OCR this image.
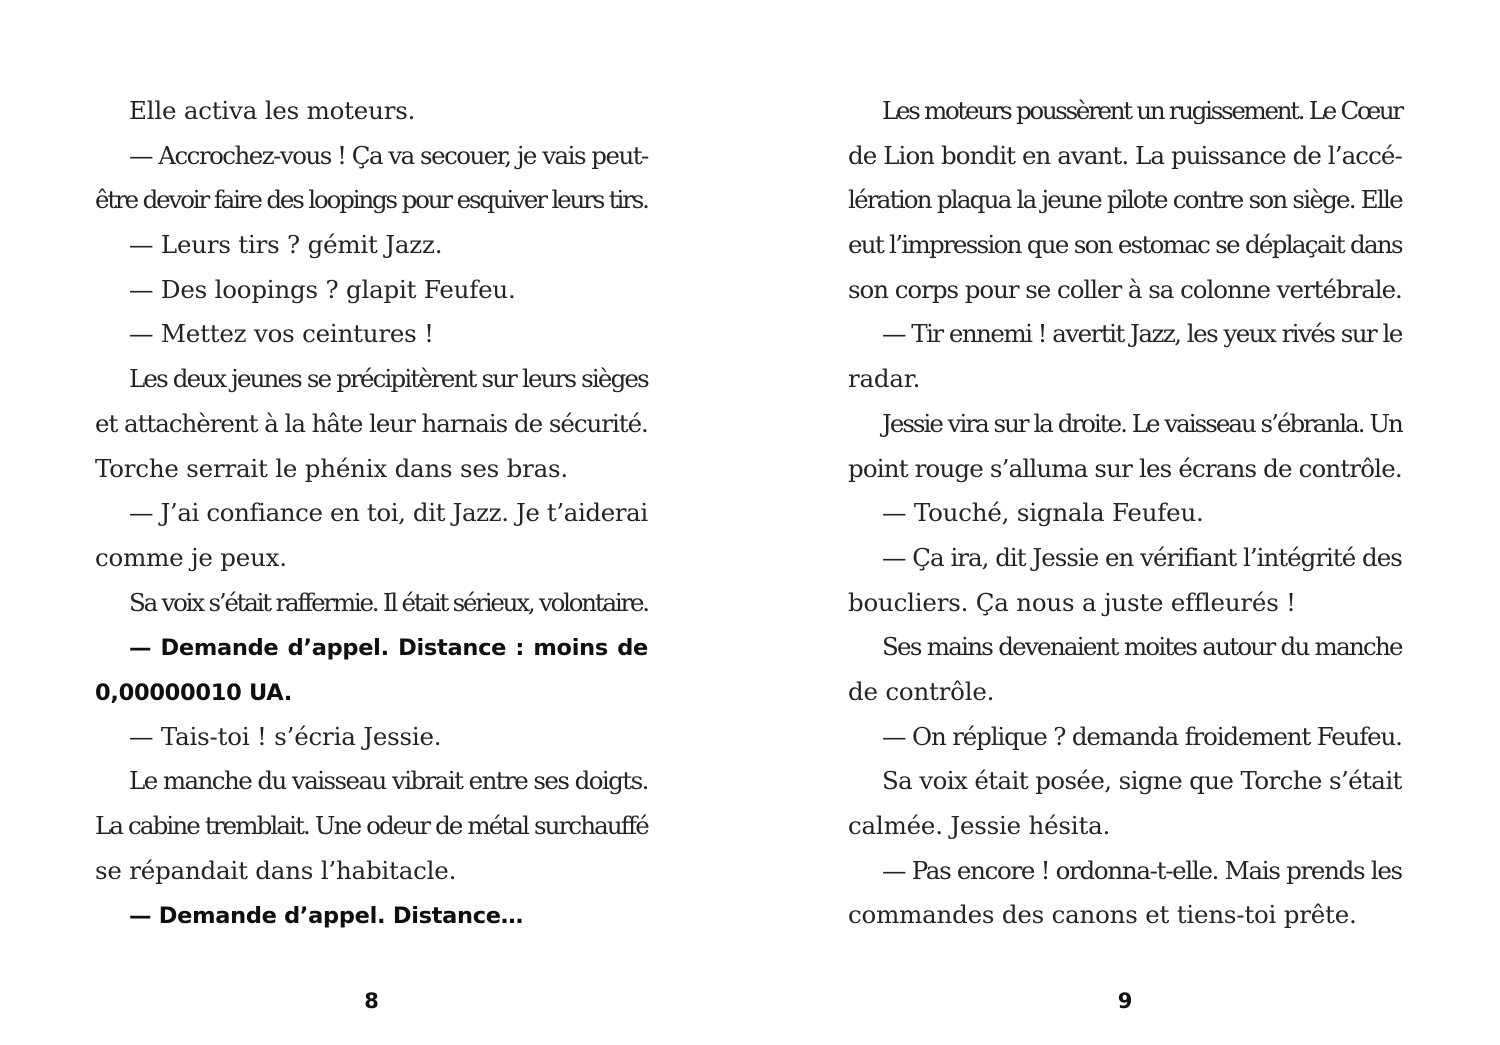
Elle activa les moteurs.
— Accrochez-vous ! Ça va secouer, je vais peut-
être devoir faire des loopings pour esquiver leurs tirs.
— Leurs tirs ? gémit Jazz.
— Des loopings ? glapit Feufeu.
— Mettez vos ceintures !
Les deux jeunes se précipitèrent sur leurs sièges
et attachèrent à la hâte leur harnais de sécurité.
Torche serrait le phénix dans ses bras.
— J’ai confiance en toi, dit Jazz. Je t’aiderai
comme je peux.
Sa voix s’était raffermie. Il était sérieux, volontaire.
— Demande d’appel. Distance : moins de
0,00000010 UA.
— Tais-toi ! s’écria Jessie.
Le manche du vaisseau vibrait entre ses doigts.
La cabine tremblait. Une odeur de métal surchauffé
se répandait dans l’habitacle.
— Demande d’appel. Distance…
Les moteurs poussèrent un rugissement. Le Cœur
de Lion bondit en avant. La puissance de l’accé-
lération plaqua la jeune pilote contre son siège. Elle
eut l’impression que son estomac se déplaçait dans
son corps pour se coller à sa colonne vertébrale.
— Tir ennemi ! avertit Jazz, les yeux rivés sur le
radar.
Jessie vira sur la droite. Le vaisseau s’ébranla. Un
point rouge s’alluma sur les écrans de contrôle.
— Touché, signala Feufeu.
— Ça ira, dit Jessie en vérifiant l’intégrité des
boucliers. Ça nous a juste effleurés !
Ses mains devenaient moites autour du manche
de contrôle.
— On réplique ? demanda froidement Feufeu.
Sa voix était posée, signe que Torche s’était
calmée. Jessie hésita.
— Pas encore ! ordonna-t-elle. Mais prends les
commandes des canons et tiens-toi prête.
8	9
